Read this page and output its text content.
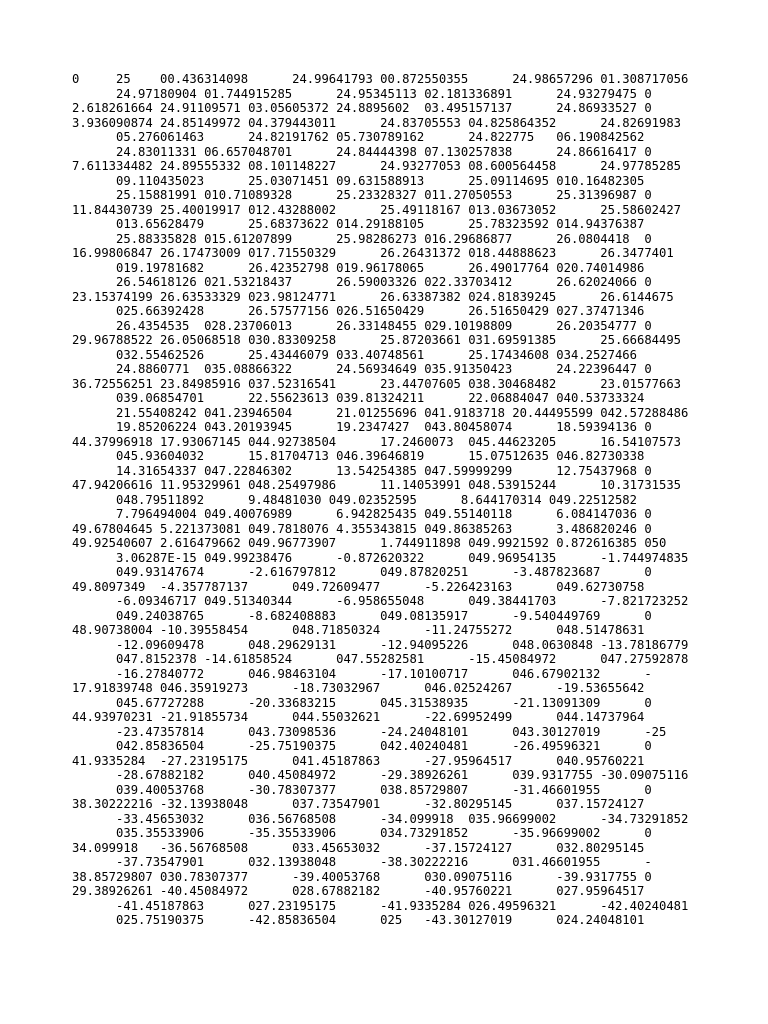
0     25    00.436314098      24.99641793 00.872550355      24.98657296 01.308717056
24.97180904 01.744915285      24.95345113 02.181336891      24.93279475 0
2.618261664 24.91109571 03.05605372 24.8895602  03.495157137      24.86933527 0
3.936090874 24.85149972 04.379443011      24.83705553 04.825864352      24.82691983
05.276061463      24.82191762 05.730789162      24.822775   06.190842562
24.83011331 06.657048701      24.84444398 07.130257838      24.86616417 0
7.611334482 24.89555332 08.101148227      24.93277053 08.600564458      24.97785285
09.110435023      25.03071451 09.631588913      25.09114695 010.16482305
25.15881991 010.71089328      25.23328327 011.27050553      25.31396987 0
11.84430739 25.40019917 012.43288002      25.49118167 013.03673052      25.58602427
013.65628479      25.68373622 014.29188105      25.78323592 014.94376387
25.88335828 015.61207899      25.98286273 016.29686877      26.0804418  0
16.99806847 26.17473009 017.71550329      26.26431372 018.44888623      26.3477401
019.19781682      26.42352798 019.96178065      26.49017764 020.74014986
26.54618126 021.53218437      26.59003326 022.33703412      26.62024066 0
23.15374199 26.63533329 023.98124771      26.63387382 024.81839245      26.6144675
025.66392428      26.57577156 026.51650429      26.51650429 027.37471346
26.4354535  028.23706013      26.33148455 029.10198809      26.20354777 0
29.96788522 26.05068518 030.83309258      25.87203661 031.69591385      25.66684495
032.55462526      25.43446079 033.40748561      25.17434608 034.2527466
24.8860771  035.08866322      24.56934649 035.91350423      24.22396447 0
36.72556251 23.84985916 037.52316541      23.44707605 038.30468482      23.01577663
039.06854701      22.55623613 039.81324211      22.06884047 040.53733324
21.55408242 041.23946504      21.01255696 041.9183718 20.44495599 042.57288486
19.85206224 043.20193945      19.2347427  043.80458074      18.59394136 0
44.37996918 17.93067145 044.92738504      17.2460073  045.44623205      16.54107573
045.93604032      15.81704713 046.39646819      15.07512635 046.82730338
14.31654337 047.22846302      13.54254385 047.59999299      12.75437968 0
47.94206616 11.95329961 048.25497986      11.14053991 048.53915244      10.31731535
048.79511892      9.48481030 049.02352595      8.644170314 049.22512582
7.796494004 049.40076989      6.942825435 049.55140118      6.084147036 0
49.67804645 5.221373081 049.7818076 4.355343815 049.86385263      3.486820246 0
49.92540607 2.616479662 049.96773907      1.744911898 049.9921592 0.872616385 050
3.06287E-15 049.99238476      -0.872620322      049.96954135      -1.744974835
049.93147674      -2.616797812      049.87820251      -3.487823687      0
49.8097349  -4.357787137      049.72609477      -5.226423163      049.62730758
-6.09346717 049.51340344      -6.958655048      049.38441703      -7.821723252
049.24038765      -8.682408883      049.08135917      -9.540449769      0
48.90738004 -10.39558454      048.71850324      -11.24755272      048.51478631
-12.09609478      048.29629131      -12.94095226      048.0630848 -13.78186779
047.8152378 -14.61858524      047.55282581      -15.45084972      047.27592878
-16.27840772      046.98463104      -17.10100717      046.67902132      -
17.91839748 046.35919273      -18.73032967      046.02524267      -19.53655642
045.67727288      -20.33683215      045.31538935      -21.13091309      0
44.93970231 -21.91855734      044.55032621      -22.69952499      044.14737964
-23.47357814      043.73098536      -24.24048101      043.30127019      -25
042.85836504      -25.75190375      042.40240481      -26.49596321      0
41.9335284  -27.23195175      041.45187863      -27.95964517      040.95760221
-28.67882182      040.45084972      -29.38926261      039.9317755 -30.09075116
039.40053768      -30.78307377      038.85729807      -31.46601955      0
38.30222216 -32.13938048      037.73547901      -32.80295145      037.15724127
-33.45653032      036.56768508      -34.099918  035.96699002      -34.73291852
035.35533906      -35.35533906      034.73291852      -35.96699002      0
34.099918   -36.56768508      033.45653032      -37.15724127      032.80295145
-37.73547901      032.13938048      -38.30222216      031.46601955      -
38.85729807 030.78307377      -39.40053768      030.09075116      -39.9317755 0
29.38926261 -40.45084972      028.67882182      -40.95760221      027.95964517
-41.45187863      027.23195175      -41.9335284 026.49596321      -42.40240481
025.75190375      -42.85836504      025   -43.30127019      024.24048101
